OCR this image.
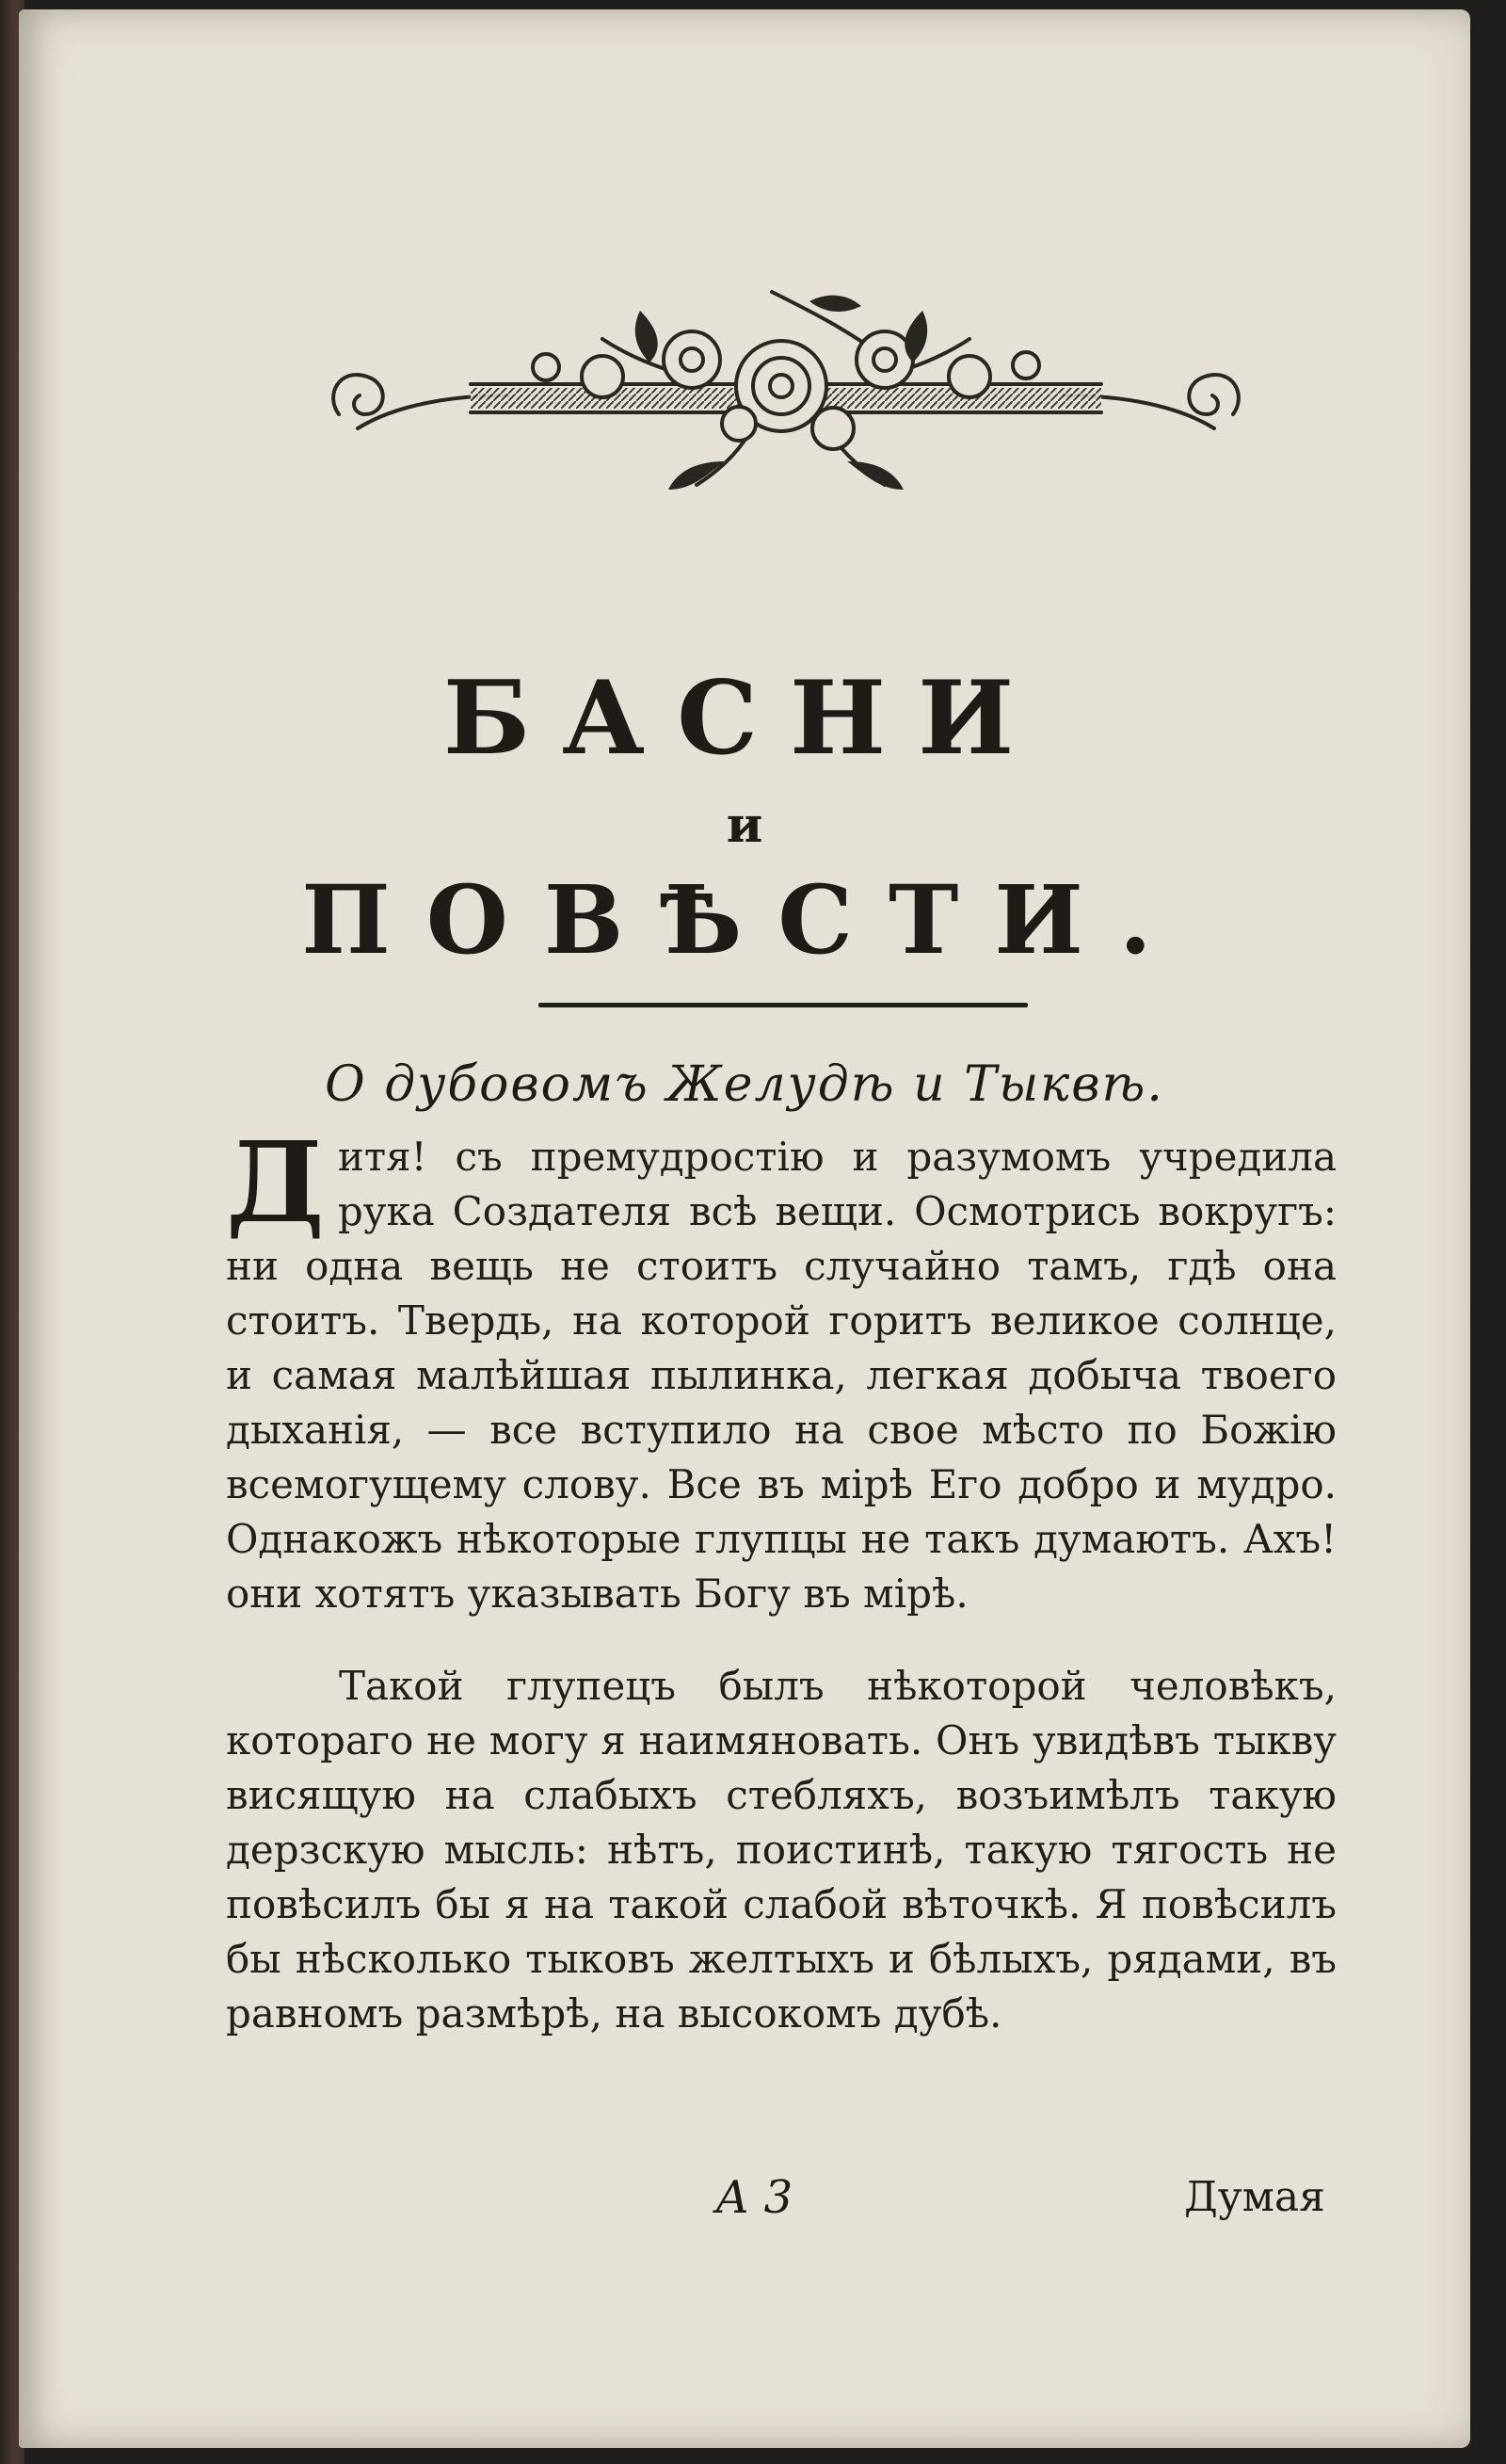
БАСНИ
и
ПОВѢСТИ.
О дубовомъ Желудѣ и Тыквѣ.

Дитя! съ премудростію и разумомъ учредила рука Создателя всѣ вещи. Осмотрись вокругъ: ни одна вещь не стоитъ случайно тамъ, гдѣ она стоитъ. Твердь, на которой горитъ великое солнце, и самая малѣйшая пылинка, легкая добыча твоего дыханія, — все вступило на свое мѣсто по Божію всемогущему слову. Все въ мірѣ Его добро и мудро. Однакожъ нѣкоторые глупцы не такъ думаютъ. Ахъ! они хотятъ указывать Богу въ мірѣ.

Такой глупецъ былъ нѣкоторой человѣкъ, котораго не могу я наимяновать. Онъ увидѣвъ тыкву висящую на слабыхъ стебляхъ, возъимѣлъ такую дерзскую мысль: нѣтъ, поистинѣ, такую тягость не повѣсилъ бы я на такой слабой вѣточкѣ. Я повѣсилъ бы нѣсколько тыковъ желтыхъ и бѣлыхъ, рядами, въ равномъ размѣрѣ, на высокомъ дубѣ.

А 3	Думая
